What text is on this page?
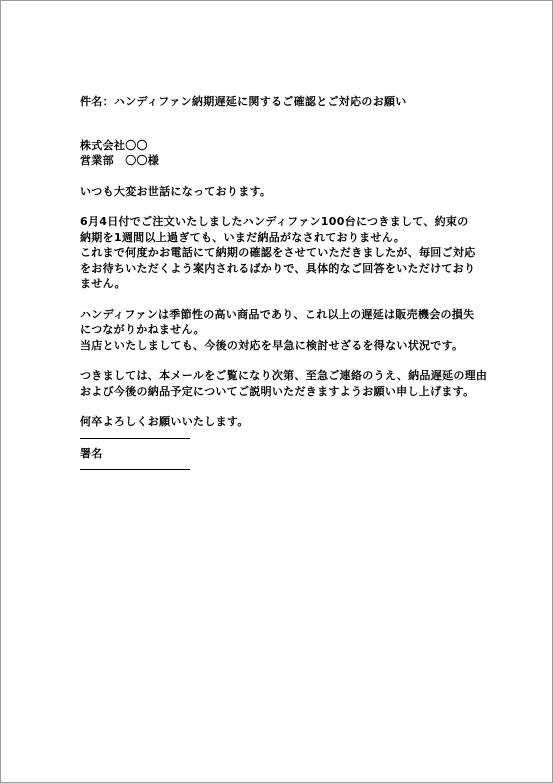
件名：ハンディファン納期遅延に関するご確認とご対応のお願い
株式会社〇〇
営業部　〇〇様
いつも大変お世話になっております。
6月4日付でご注文いたしましたハンディファン100台につきまして、約束の
納期を1週間以上過ぎても、いまだ納品がなされておりません。
これまで何度かお電話にて納期の確認をさせていただきましたが、毎回ご対応
をお待ちいただくよう案内されるばかりで、具体的なご回答をいただけており
ません。
ハンディファンは季節性の高い商品であり、これ以上の遅延は販売機会の損失
につながりかねません。
当店といたしましても、今後の対応を早急に検討せざるを得ない状況です。
つきましては、本メールをご覧になり次第、至急ご連絡のうえ、納品遅延の理由
および今後の納品予定についてご説明いただきますようお願い申し上げます。
何卒よろしくお願いいたします。
署名
